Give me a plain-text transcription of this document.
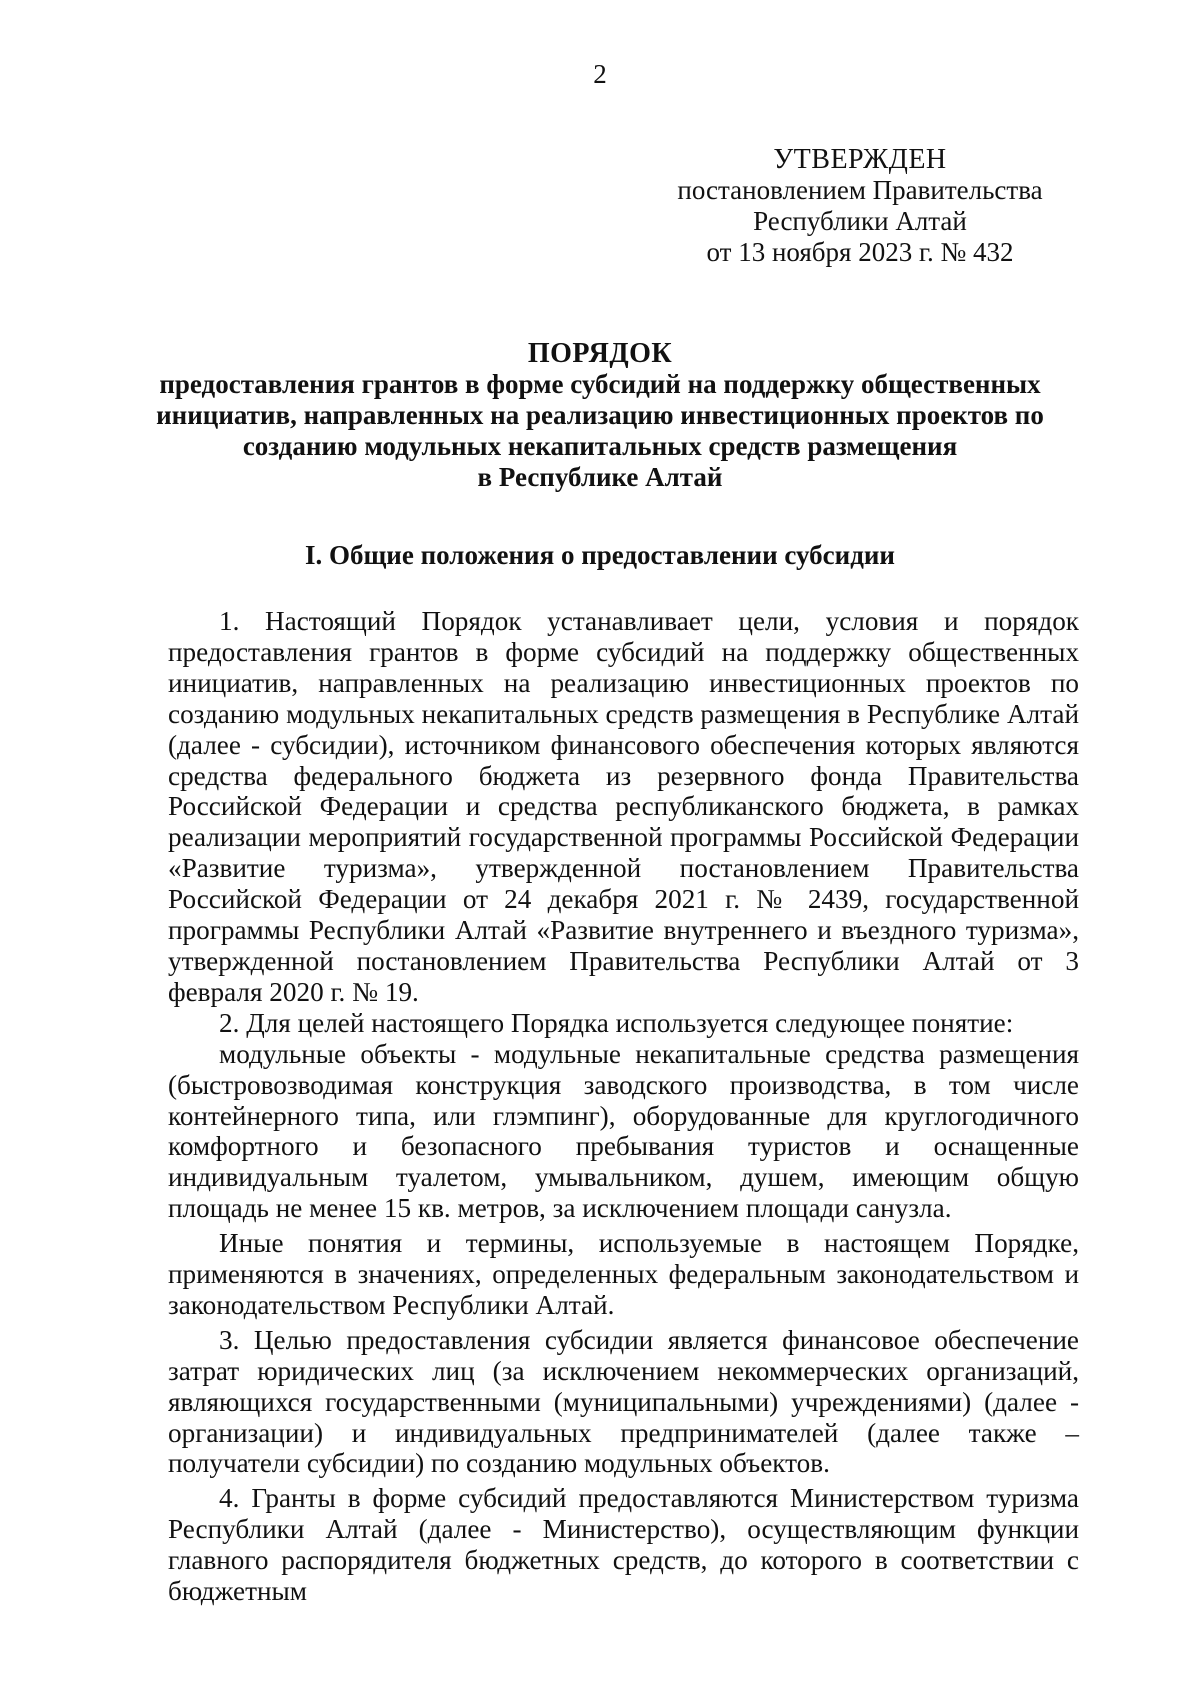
2
УТВЕРЖДЕН
постановлением Правительства
Республики Алтай
от 13 ноября 2023 г. № 432
ПОРЯДОК
предоставления грантов в форме субсидий на поддержку общественных
инициатив, направленных на реализацию инвестиционных проектов по
созданию модульных некапитальных средств размещения
в Республике Алтай
I. Общие положения о предоставлении субсидии

1. Настоящий Порядок устанавливает цели, условия и порядок предоставления грантов в форме субсидий на поддержку общественных инициатив, направленных на реализацию инвестиционных проектов по созданию модульных некапитальных средств размещения в Республике Алтай (далее - субсидии), источником финансового обеспечения которых являются средства федерального бюджета из резервного фонда Правительства Российской Федерации и средства республиканского бюджета, в рамках реализации мероприятий государственной программы Российской Федерации «Развитие туризма», утвержденной постановлением Правительства Российской Федерации от 24 декабря 2021 г. № 2439, государственной программы Республики Алтай «Развитие внутреннего и въездного туризма», утвержденной постановлением Правительства Республики Алтай от 3 февраля 2020 г. № 19.

2. Для целей настоящего Порядка используется следующее понятие:

модульные объекты - модульные некапитальные средства размещения (быстровозводимая конструкция заводского производства, в том числе контейнерного типа, или глэмпинг), оборудованные для круглогодичного комфортного и безопасного пребывания туристов и оснащенные индивидуальным туалетом, умывальником, душем, имеющим общую площадь не менее 15 кв. метров, за исключением площади санузла.

Иные понятия и термины, используемые в настоящем Порядке, применяются в значениях, определенных федеральным законодательством и законодательством Республики Алтай.

3. Целью предоставления субсидии является финансовое обеспечение затрат юридических лиц (за исключением некоммерческих организаций, являющихся государственными (муниципальными) учреждениями) (далее - организации) и индивидуальных предпринимателей (далее также – получатели субсидии) по созданию модульных объектов.

4. Гранты в форме субсидий предоставляются Министерством туризма Республики Алтай (далее - Министерство), осуществляющим функции главного распорядителя бюджетных средств, до которого в соответствии с бюджетным
